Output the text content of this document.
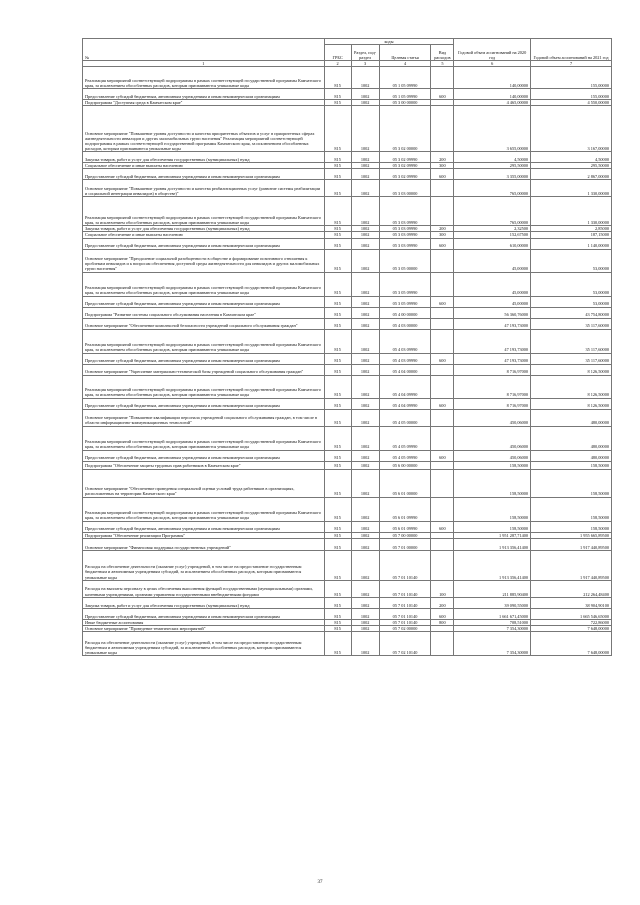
№	коды				Годовой объем ассигнований на 2020 год	Годовой объем ассигнований на 2021 год
	ГРБС	Раздел, под-раздел	Целевая статья	Вид расходов		
1	2	3	4	5	6	7
Реализация мероприятий соответствующей подпрограммы в рамках соответствующей государственной программы Камчатского края, за исключением обособленных расходов, которым присваиваются уникальные коды	815	1002	05 1 05 09990		140,00000	155,00000
Предоставление субсидий бюджетным, автономным учреждениям и иным некоммерческим организациям	815	1002	05 1 05 09990	600	140,00000	155,00000
Подпрограмма "Доступная среда в Камчатском крае"	815	1002	05 3 00 00000		4 465,00000	4 550,00000
Основное мероприятие "Повышение уровня доступности и качества приоритетных объектов и услуг в приоритетных сферах жизнедеятельности инвалидов и других маломобильных групп населения" Реализация мероприятий соответствующей подпрограммы в рамках соответствующей государственной программы Камчатского края, за исключением обособленных расходов, которым присваиваются уникальные коды	815	1002	05 3 02 00000		3 655,00000	3 167,00000
Закупка товаров, работ и услуг для обеспечения государственных (муниципальных) нужд	815	1002	05 3 02 09990	200	4,50000	4,50000
Социальное обеспечение и иные выплаты населению	815	1002	05 3 02 09990	300	295,50000	295,50000
Предоставление субсидий бюджетным, автономным учреждениям и иным некоммерческим организациям	815	1002	05 3 02 09990	600	3 355,00000	2 867,00000
Основное мероприятие "Повышение уровня доступности и качества реабилитационных услуг (развитие системы реабилитации и социальной интеграции инвалидов) в обществе)"	815	1002	05 3 03 00000		765,00000	1 330,00000
Реализация мероприятий соответствующей подпрограммы в рамках соответствующей государственной программы Камчатского края, за исключением обособленных расходов, которым присваиваются уникальные коды	815	1002	05 3 03 09990		765,00000	1 330,00000
Закупка товаров, работ и услуг для обеспечения государственных (муниципальных) нужд	815	1002	05 3 03 09990	200	2,32500	2,85000
Социальное обеспечение и иные выплаты населению	815	1002	05 3 03 09990	300	152,67500	187,15000
Предоставление субсидий бюджетным, автономным учреждениям и иным некоммерческим организациям	815	1002	05 3 03 09990	600	610,00000	1 140,00000
Основное мероприятие "Преодоление социальной разобщенности в обществе и формирование позитивного отношения к проблемам инвалидов и к вопросам обеспечения доступной среды жизнедеятельности для инвалидов и других маломобильных групп населения"	815	1002	05 3 05 00000		45,00000	53,00000
Реализация мероприятий соответствующей подпрограммы в рамках соответствующей государственной программы Камчатского края, за исключением обособленных расходов, которым присваиваются уникальные коды	815	1002	05 3 05 09990		45,00000	53,00000
Предоставление субсидий бюджетным, автономным учреждениям и иным некоммерческим организациям	815	1002	05 3 05 09990	600	45,00000	53,00000
Подпрограмма "Развитие системы социального обслуживания населения в Камчатском крае"	815	1002	05 4 00 00000		56 360,76000	43 754,80000
Основное мероприятие "Обеспечение комплексной безопасности учреждений социального обслуживания граждан"	815	1002	05 4 03 00000		47 193,73000	35 117,60000
Реализация мероприятий соответствующей подпрограммы в рамках соответствующей государственной программы Камчатского края, за исключением обособленных расходов, которым присваиваются уникальные коды	815	1002	05 4 03 09990		47 193,73000	35 117,60000
Предоставление субсидий бюджетным, автономным учреждениям и иным некоммерческим организациям	815	1002	05 4 03 09990	600	47 193,73000	35 117,60000
Основное мероприятие "Укрепление материально-технической базы учреждений социального обслуживания граждан"	815	1002	05 4 04 00000		8 716,97000	8 126,50000
Реализация мероприятий соответствующей подпрограммы в рамках соответствующей государственной программы Камчатского края, за исключением обособленных расходов, которым присваиваются уникальные коды	815	1002	05 4 04 09990		8 716,97000	8 126,50000
Предоставление субсидий бюджетным, автономным учреждениям и иным некоммерческим организациям	815	1002	05 4 04 09990	600	8 716,97000	8 126,50000
Основное мероприятие "Повышение квалификации персонала учреждений социального обслуживания граждан, в том числе в области информационно-коммуникационных технологий"	815	1002	05 4 05 00000		450,06000	480,00000
Реализация мероприятий соответствующей подпрограммы в рамках соответствующей государственной программы Камчатского края, за исключением обособленных расходов, которым присваиваются уникальные коды	815	1002	05 4 05 09990		450,06000	480,00000
Предоставление субсидий бюджетным, автономным учреждениям и иным некоммерческим организациям	815	1002	05 4 05 09990	600	450,06000	480,00000
Подпрограмма "Обеспечение защиты трудовых прав работников в Камчатском крае"	815	1002	05 6 00 00000		158,50000	158,50000
Основное мероприятие "Обеспечение проведения специальной оценки условий труда работников в организациях, расположенных на территории Камчатского края"	815	1002	05 6 01 00000		158,50000	158,50000
Реализация мероприятий соответствующей подпрограммы в рамках соответствующей государственной программы Камчатского края, за исключением обособленных расходов, которым присваиваются уникальные коды	815	1002	05 6 01 09990		158,50000	158,50000
Предоставление субсидий бюджетным, автономным учреждениям и иным некоммерческим организациям	815	1002	05 6 01 09990	600	158,50000	158,50000
Подпрограмма "Обеспечение реализации Программы"	815	1002	05 7 00 00000		1 951 287,71400	1 955 665,89500
Основное мероприятие "Финансовая поддержка государственных учреждений"	815	1002	05 7 01 00000		1 913 356,41400	1 917 440,89500
Расходы на обеспечение деятельности (оказание услуг) учреждений, в том числе на предоставление государственным бюджетным и автономным учреждениям субсидий, за исключением обособленных расходов, которым присваиваются уникальные коды	815	1002	05 7 01 10140		1 913 356,41400	1 917 440,89500
Расходы на выплаты персоналу в целях обеспечения выполнения функций государственными (муниципальными) органами, казенными учреждениями, органами управления государственными внебюджетными фондами	815	1002	05 7 01 10140	100	211 885,90400	212 264,48400
Закупка товаров, работ и услуг для обеспечения государственных (муниципальных) нужд	815	1002	05 7 01 10140	200	39 090,55000	38 904,90100
Предоставление субсидий бюджетным, автономным учреждениям и иным некоммерческим организациям	815	1002	05 7 01 10140	600	1 661 671,45000	1 665 546,65000
Иные бюджетные ассигнования	815	1002	05 7 01 10140	800	708,51000	722,86000
Основное мероприятие "Проведение тематических мероприятий"	815	1002	05 7 02 00000		7 354,30000	7 648,00000
Расходы на обеспечение деятельности (оказание услуг) учреждений, в том числе на предоставление государственным бюджетным и автономным учреждениям субсидий, за исключением обособленных расходов, которым присваиваются уникальные коды	815	1002	05 7 02 10140		7 354,30000	7 648,00000
37
